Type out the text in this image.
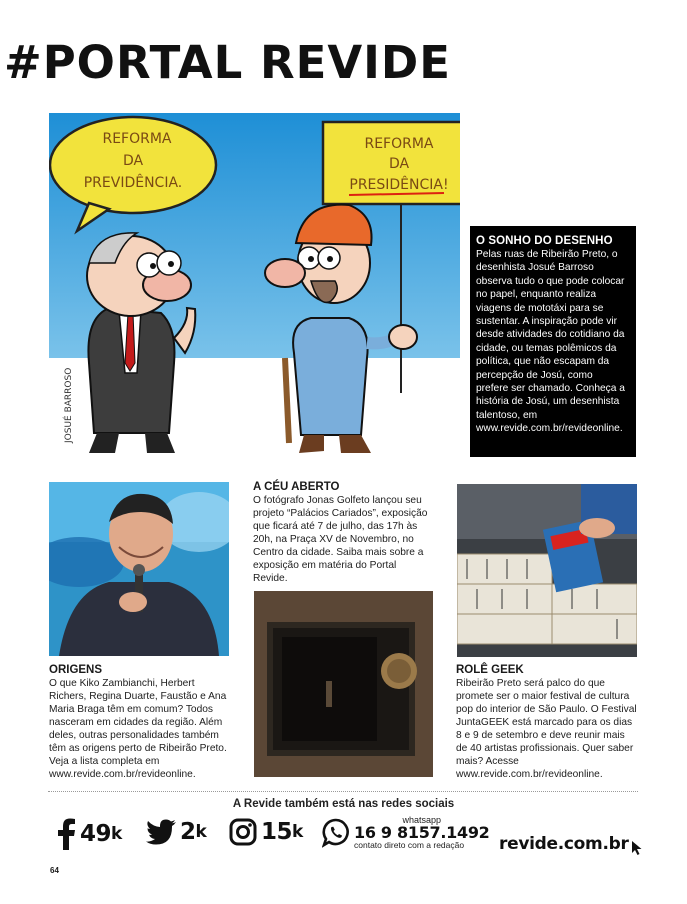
#PORTAL REVIDE
REFORMA
DA
PREVIDÊNCIA.
REFORMA
DA
PRESIDÊNCIA!
JOSUÉ BARROSO
O SONHO DO DESENHO

Pelas ruas de Ribeirão Preto, o desenhista Josué Barroso observa tudo o que pode colocar no papel, enquanto realiza viagens de mototáxi para se sustentar. A inspiração pode vir desde atividades do cotidiano da cidade, ou temas polêmicos da política, que não escapam da percepção de Josú, como prefere ser chamado. Conheça a história de Josú, um desenhista talentoso, em www.revide.com.br/revideonline.

A CÉU ABERTO

O fotógrafo Jonas Golfeto lançou seu projeto “Palácios Cariados”, exposição que ficará até 7 de julho, das 17h às 20h, na Praça XV de Novembro, no Centro da cidade. Saiba mais sobre a exposição em matéria do Portal Revide.

ORIGENS

O que Kiko Zambianchi, Herbert Richers, Regina Duarte, Faustão e Ana Maria Braga têm em comum? Todos nasceram em cidades da região. Além deles, outras personalidades também têm as origens perto de Ribeirão Preto. Veja a lista completa em www.revide.com.br/revideonline.

ROLÊ GEEK

Ribeirão Preto será palco do que promete ser o maior festival de cultura pop do interior de São Paulo. O Festival JuntaGEEK está marcado para os dias 8 e 9 de setembro e deve reunir mais de 40 artistas profissionais. Quer saber mais? Acesse www.revide.com.br/revideonline.

A Revide também está nas redes sociais
49 k	2 k 15 k
whatsapp
16 9 8157.1492
contato direto com a redação	revide.com.br
64
